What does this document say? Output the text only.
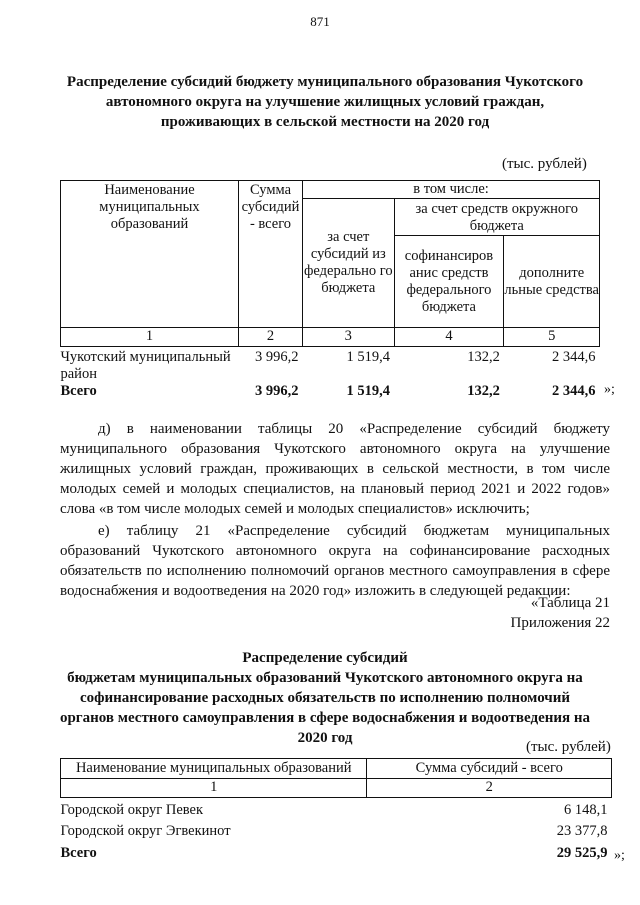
871
Распределение субсидий бюджету муниципального образования Чукотского
автономного округа на улучшение жилищных условий граждан,
проживающих в сельской местности на 2020 год
(тыс. рублей)
Наименование муниципальных образований	Сумма субсидий - всего	в том числе:		
		за счет субсидий из федерально го бюджета	за счет средств окружного бюджета	
			софинансиров анис средств федерального бюджета	дополните льные средства
1	2	3	4	5
Чукотский муниципальный район	3 996,2	1 519,4	132,2	2 344,6
Всего	3 996,2	1 519,4	132,2	2 344,6 »;
д) в наименовании таблицы 20 «Распределение субсидий бюджету муниципального образования Чукотского автономного округа на улучшение жилищных условий граждан, проживающих в сельской местности, в том числе молодых семей и молодых специалистов, на плановый период 2021 и 2022 годов» слова «в том числе молодых семей и молодых специалистов» исключить;
е) таблицу 21 «Распределение субсидий бюджетам муниципальных образований Чукотского автономного округа на софинансирование расходных обязательств по исполнению полномочий органов местного самоуправления в сфере водоснабжения и водоотведения на 2020 год» изложить в следующей редакции:
«Таблица 21
Приложения 22
Распределение субсидий
бюджетам муниципальных образований Чукотского автономного округа на
софинансирование расходных обязательств по исполнению полномочий
органов местного самоуправления в сфере водоснабжения и водоотведения на
2020 год
(тыс. рублей)
Наименование муниципальных образований	Сумма субсидий - всего
1	2
Городской округ Певек	6 148,1
Городской округ Эгвекинот	23 377,8
Всего	29 525,9 »;
